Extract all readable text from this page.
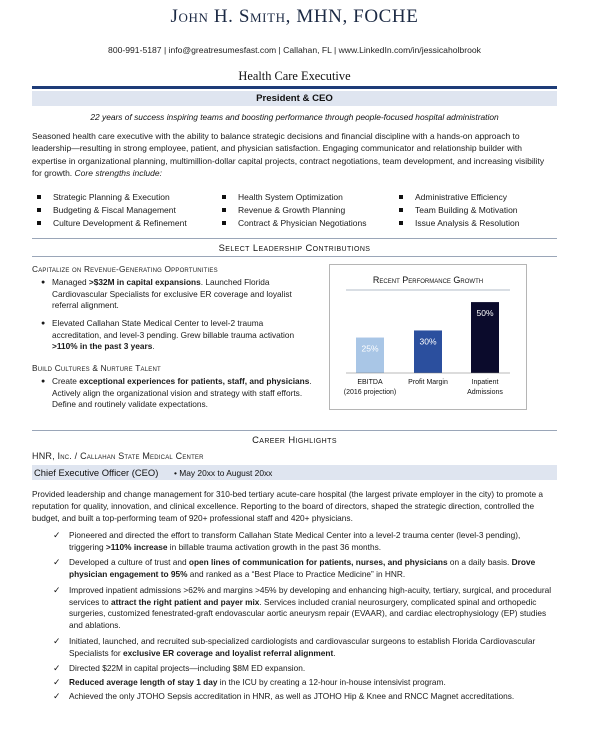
John H. Smith, MHN, FOCHE
800-991-5187 | info@greatresumesfast.com | Callahan, FL | www.LinkedIn.com/in/jessicaholbrook
Health Care Executive
President & CEO
22 years of success inspiring teams and boosting performance through people-focused hospital administration
Seasoned health care executive with the ability to balance strategic decisions and financial discipline with a hands-on approach to leadership—resulting in strong employee, patient, and physician satisfaction. Engaging communicator and relationship builder with expertise in organizational planning, multimillion-dollar capital projects, contract negotiations, team development, and increasing visibility for growth. Core strengths include:
Strategic Planning & Execution
Budgeting & Fiscal Management
Culture Development & Refinement
Health System Optimization
Revenue & Growth Planning
Contract & Physician Negotiations
Administrative Efficiency
Team Building & Motivation
Issue Analysis & Resolution
Select Leadership Contributions
Capitalize on Revenue-Generating Opportunities
● Managed >$32M in capital expansions. Launched Florida Cardiovascular Specialists for exclusive ER coverage and loyalist referral alignment.
● Elevated Callahan State Medical Center to level-2 trauma accreditation, and level-3 pending. Grew billable trauma activation >110% in the past 3 years.
Build Cultures & Nurture Talent
● Create exceptional experiences for patients, staff, and physicians. Actively align the organizational vision and strategy with staff efforts. Define and routinely validate expectations.
Recent Performance Growth
25%
EBITDA
(2016 projection)
30%
Profit Margin
50%
Inpatient
Admissions
Career Highlights
HNR, Inc. / Callahan State Medical Center
Chief Executive Officer (CEO) • May 20xx to August 20xx
Provided leadership and change management for 310-bed tertiary acute-care hospital (the largest private employer in the city) to promote a reputation for quality, innovation, and clinical excellence. Reporting to the board of directors, shaped the strategic direction, controlled the budget, and built a top-performing team of 920+ professional staff and 420+ physicians.
✓ Pioneered and directed the effort to transform Callahan State Medical Center into a level-2 trauma center (level-3 pending), triggering >110% increase in billable trauma activation growth in the past 36 months.
✓ Developed a culture of trust and open lines of communication for patients, nurses, and physicians on a daily basis. Drove physician engagement to 95% and ranked as a “Best Place to Practice Medicine” in HNR.
✓ Improved inpatient admissions >62% and margins >45% by developing and enhancing high-acuity, tertiary, surgical, and procedural services to attract the right patient and payer mix. Services included cranial neurosurgery, complicated spinal and orthopedic surgeries, customized fenestrated-graft endovascular aortic aneurysm repair (EVAAR), and cardiac electrophysiology (EP) studies and ablations.
✓ Initiated, launched, and recruited sub-specialized cardiologists and cardiovascular surgeons to establish Florida Cardiovascular Specialists for exclusive ER coverage and loyalist referral alignment.
✓ Directed $22M in capital projects—including $8M ED expansion.
✓ Reduced average length of stay 1 day in the ICU by creating a 12-hour in-house intensivist program.
✓ Achieved the only JTOHO Sepsis accreditation in HNR, as well as JTOHO Hip & Knee and RNCC Magnet accreditations.
